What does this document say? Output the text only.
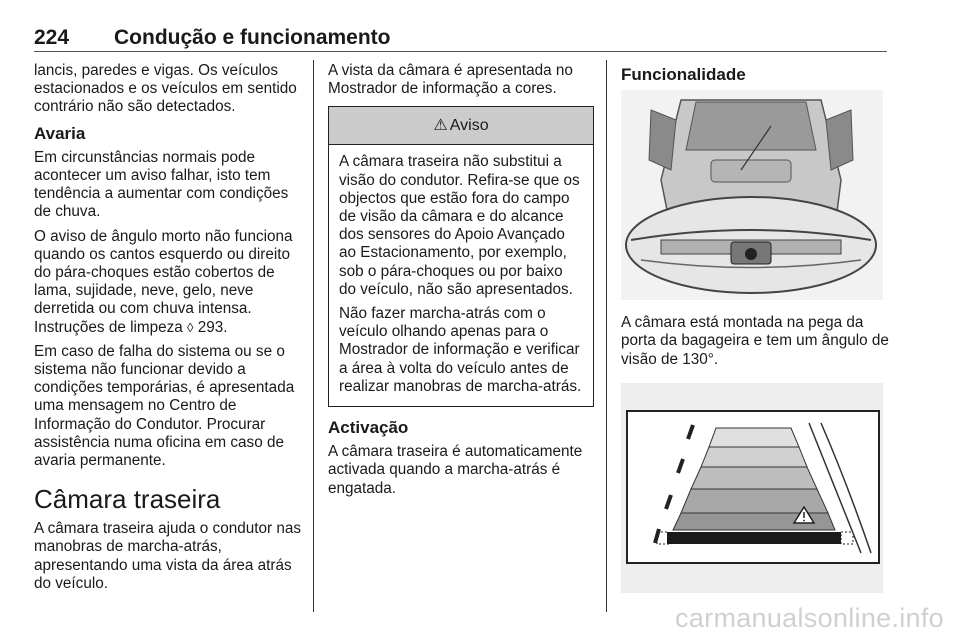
224 Condução e funcionamento

lancis, paredes e vigas. Os veículos estacionados e os veículos em sentido contrário não são detectados.

Avaria

Em circunstâncias normais pode acontecer um aviso falhar, isto tem tendência a aumentar com condições de chuva.

O aviso de ângulo morto não funciona quando os cantos esquerdo ou direito do pára-choques estão cobertos de lama, sujidade, neve, gelo, neve derretida ou com chuva intensa. Instruções de limpeza ◊ 293.

Em caso de falha do sistema ou se o sistema não funcionar devido a condições temporárias, é apresentada uma mensagem no Centro de Informação do Condutor. Procurar assistência numa oficina em caso de avaria permanente.

Câmara traseira

A câmara traseira ajuda o condutor nas manobras de marcha-atrás, apresentando uma vista da área atrás do veículo.

A vista da câmara é apresentada no Mostrador de informação a cores.

⚠ Aviso

A câmara traseira não substitui a visão do condutor. Refira-se que os objectos que estão fora do campo de visão da câmara e do alcance dos sensores do Apoio Avançado ao Estacionamento, por exemplo, sob o pára-choques ou por baixo do veículo, não são apresentados.

Não fazer marcha-atrás com o veículo olhando apenas para o Mostrador de informação e verificar a área à volta do veículo antes de realizar manobras de marcha-atrás.

Activação

A câmara traseira é automaticamente activada quando a marcha-atrás é engatada.

Funcionalidade

A câmara está montada na pega da porta da bagageira e tem um ângulo de visão de 130°.

carmanualsonline.info
